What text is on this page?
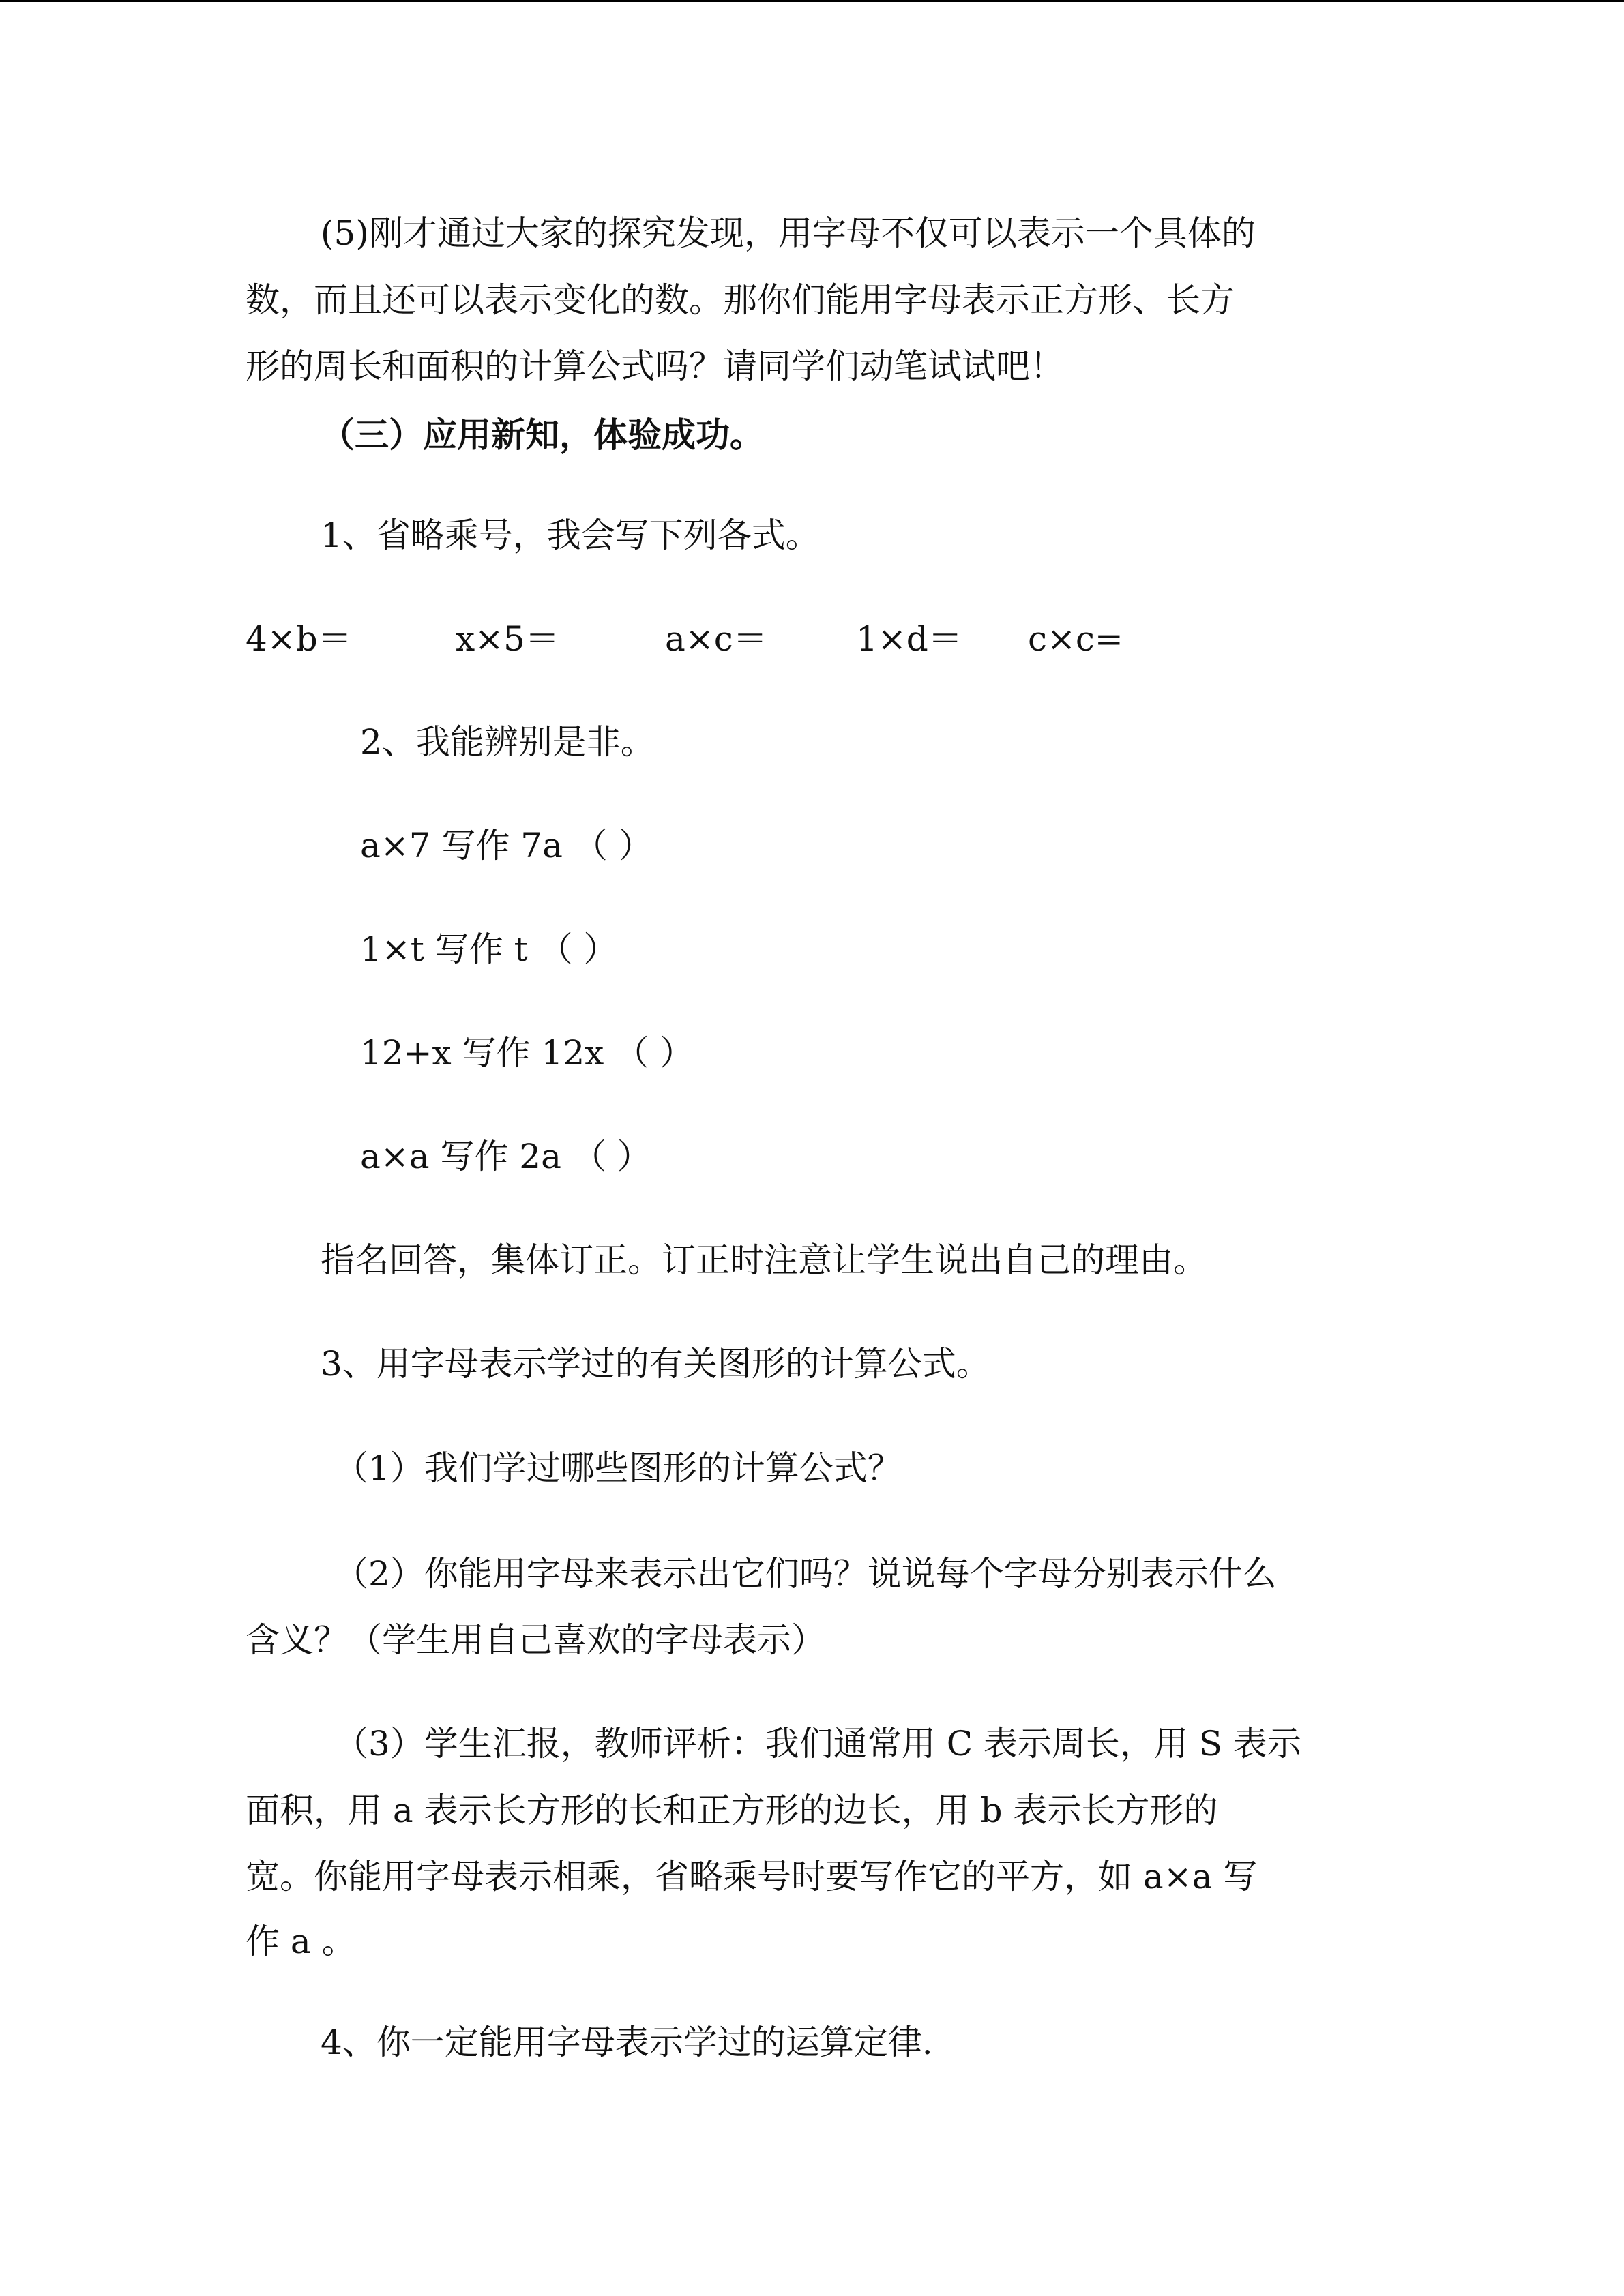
(5)刚才通过大家的探究发现，用字母不仅可以表示一个具体的
数，而且还可以表示变化的数。那你们能用字母表示正方形、长方
形的周长和面积的计算公式吗？请同学们动笔试试吧！
（三）应用新知，体验成功。
1、省略乘号，我会写下列各式。
4×b＝	x×5＝	a×c＝	1×d＝ c×c=
2、我能辨别是非。
a×7 写作 7a （ ）
1×t 写作 t （ ）
12+x 写作 12x （ ）
a×a 写作 2a （ ）
指名回答，集体订正。订正时注意让学生说出自己的理由。
3、用字母表示学过的有关图形的计算公式。
（1）我们学过哪些图形的计算公式？
（2）你能用字母来表示出它们吗？说说每个字母分别表示什么
含义？（学生用自己喜欢的字母表示）
（3）学生汇报，教师评析：我们通常用 C 表示周长，用 S 表示
面积，用 a 表示长方形的长和正方形的边长，用 b 表示长方形的
宽。你能用字母表示相乘，省略乘号时要写作它的平方，如 a×a 写
作 a 。
4、你一定能用字母表示学过的运算定律.
